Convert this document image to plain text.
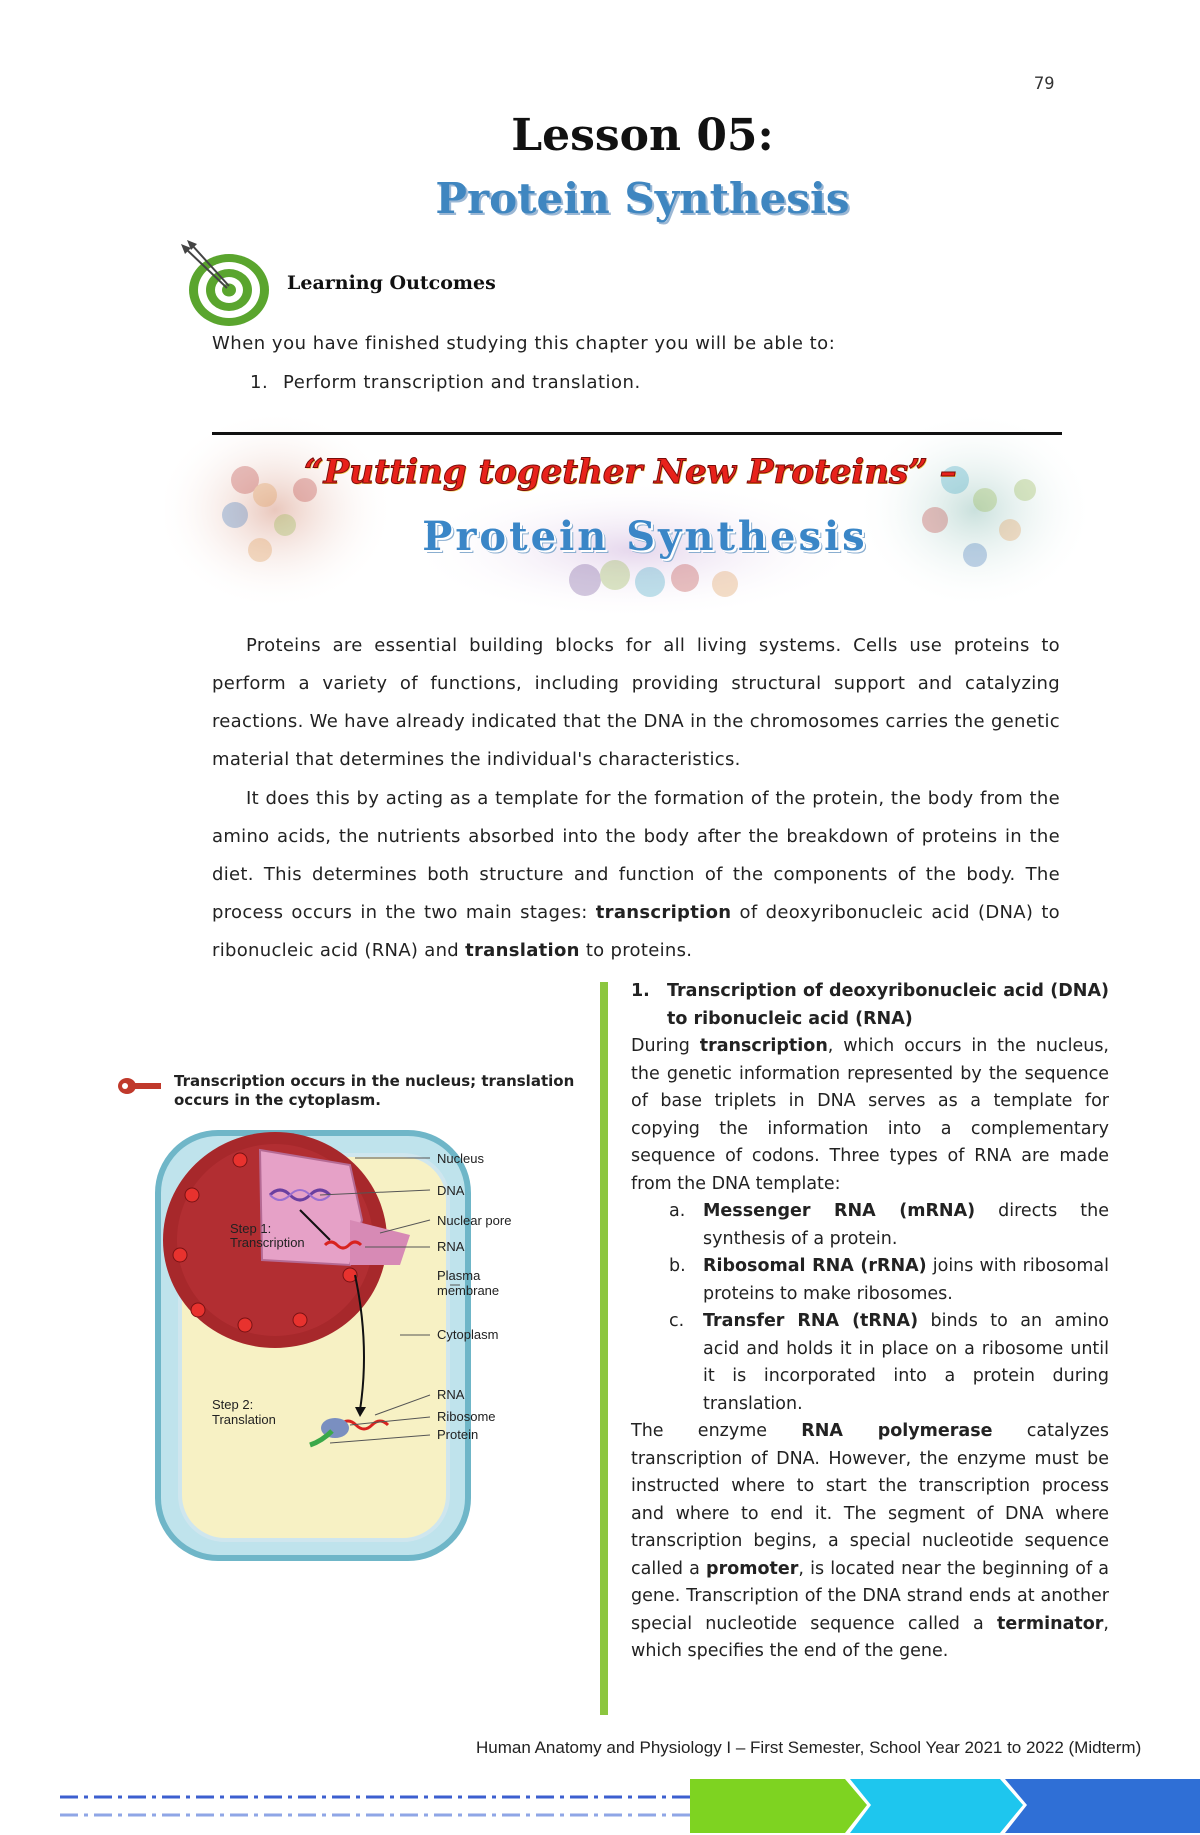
79
Lesson 05:
Protein Synthesis
Learning Outcomes
When you have finished studying this chapter you will be able to:
1. Perform transcription and translation.
“Putting together New Proteins” –
Protein Synthesis
Proteins are essential building blocks for all living systems. Cells use proteins to perform a variety of functions, including providing structural support and catalyzing reactions. We have already indicated that the DNA in the chromosomes carries the genetic material that determines the individual's characteristics.
It does this by acting as a template for the formation of the protein, the body from the amino acids, the nutrients absorbed into the body after the breakdown of proteins in the diet. This determines both structure and function of the components of the body. The process occurs in the two main stages: transcription of deoxyribonucleic acid (DNA) to ribonucleic acid (RNA) and translation to proteins.
Transcription occurs in the nucleus; translation occurs in the cytoplasm.
Nucleus
DNA
Nuclear pore
RNA
Plasma
membrane
Cytoplasm
RNA
Ribosome
Protein
Step 1:
Transcription
Step 2:
Translation
1. Transcription of deoxyribonucleic acid (DNA) to ribonucleic acid (RNA)
During transcription, which occurs in the nucleus, the genetic information represented by the sequence of base triplets in DNA serves as a template for copying the information into a complementary sequence of codons. Three types of RNA are made from the DNA template:
a.	Messenger RNA (mRNA) directs the synthesis of a protein.
b. Ribosomal RNA (rRNA) joins with ribosomal proteins to make ribosomes.
c.	Transfer RNA (tRNA) binds to an amino acid and holds it in place on a ribosome until it is incorporated into a protein during translation.
The enzyme RNA polymerase catalyzes transcription of DNA. However, the enzyme must be instructed where to start the transcription process and where to end it. The segment of DNA where transcription begins, a special nucleotide sequence called a promoter, is located near the beginning of a gene. Transcription of the DNA strand ends at another special nucleotide sequence called a terminator, which specifies the end of the gene.
Human Anatomy and Physiology I – First Semester, School Year 2021 to 2022 (Midterm)
